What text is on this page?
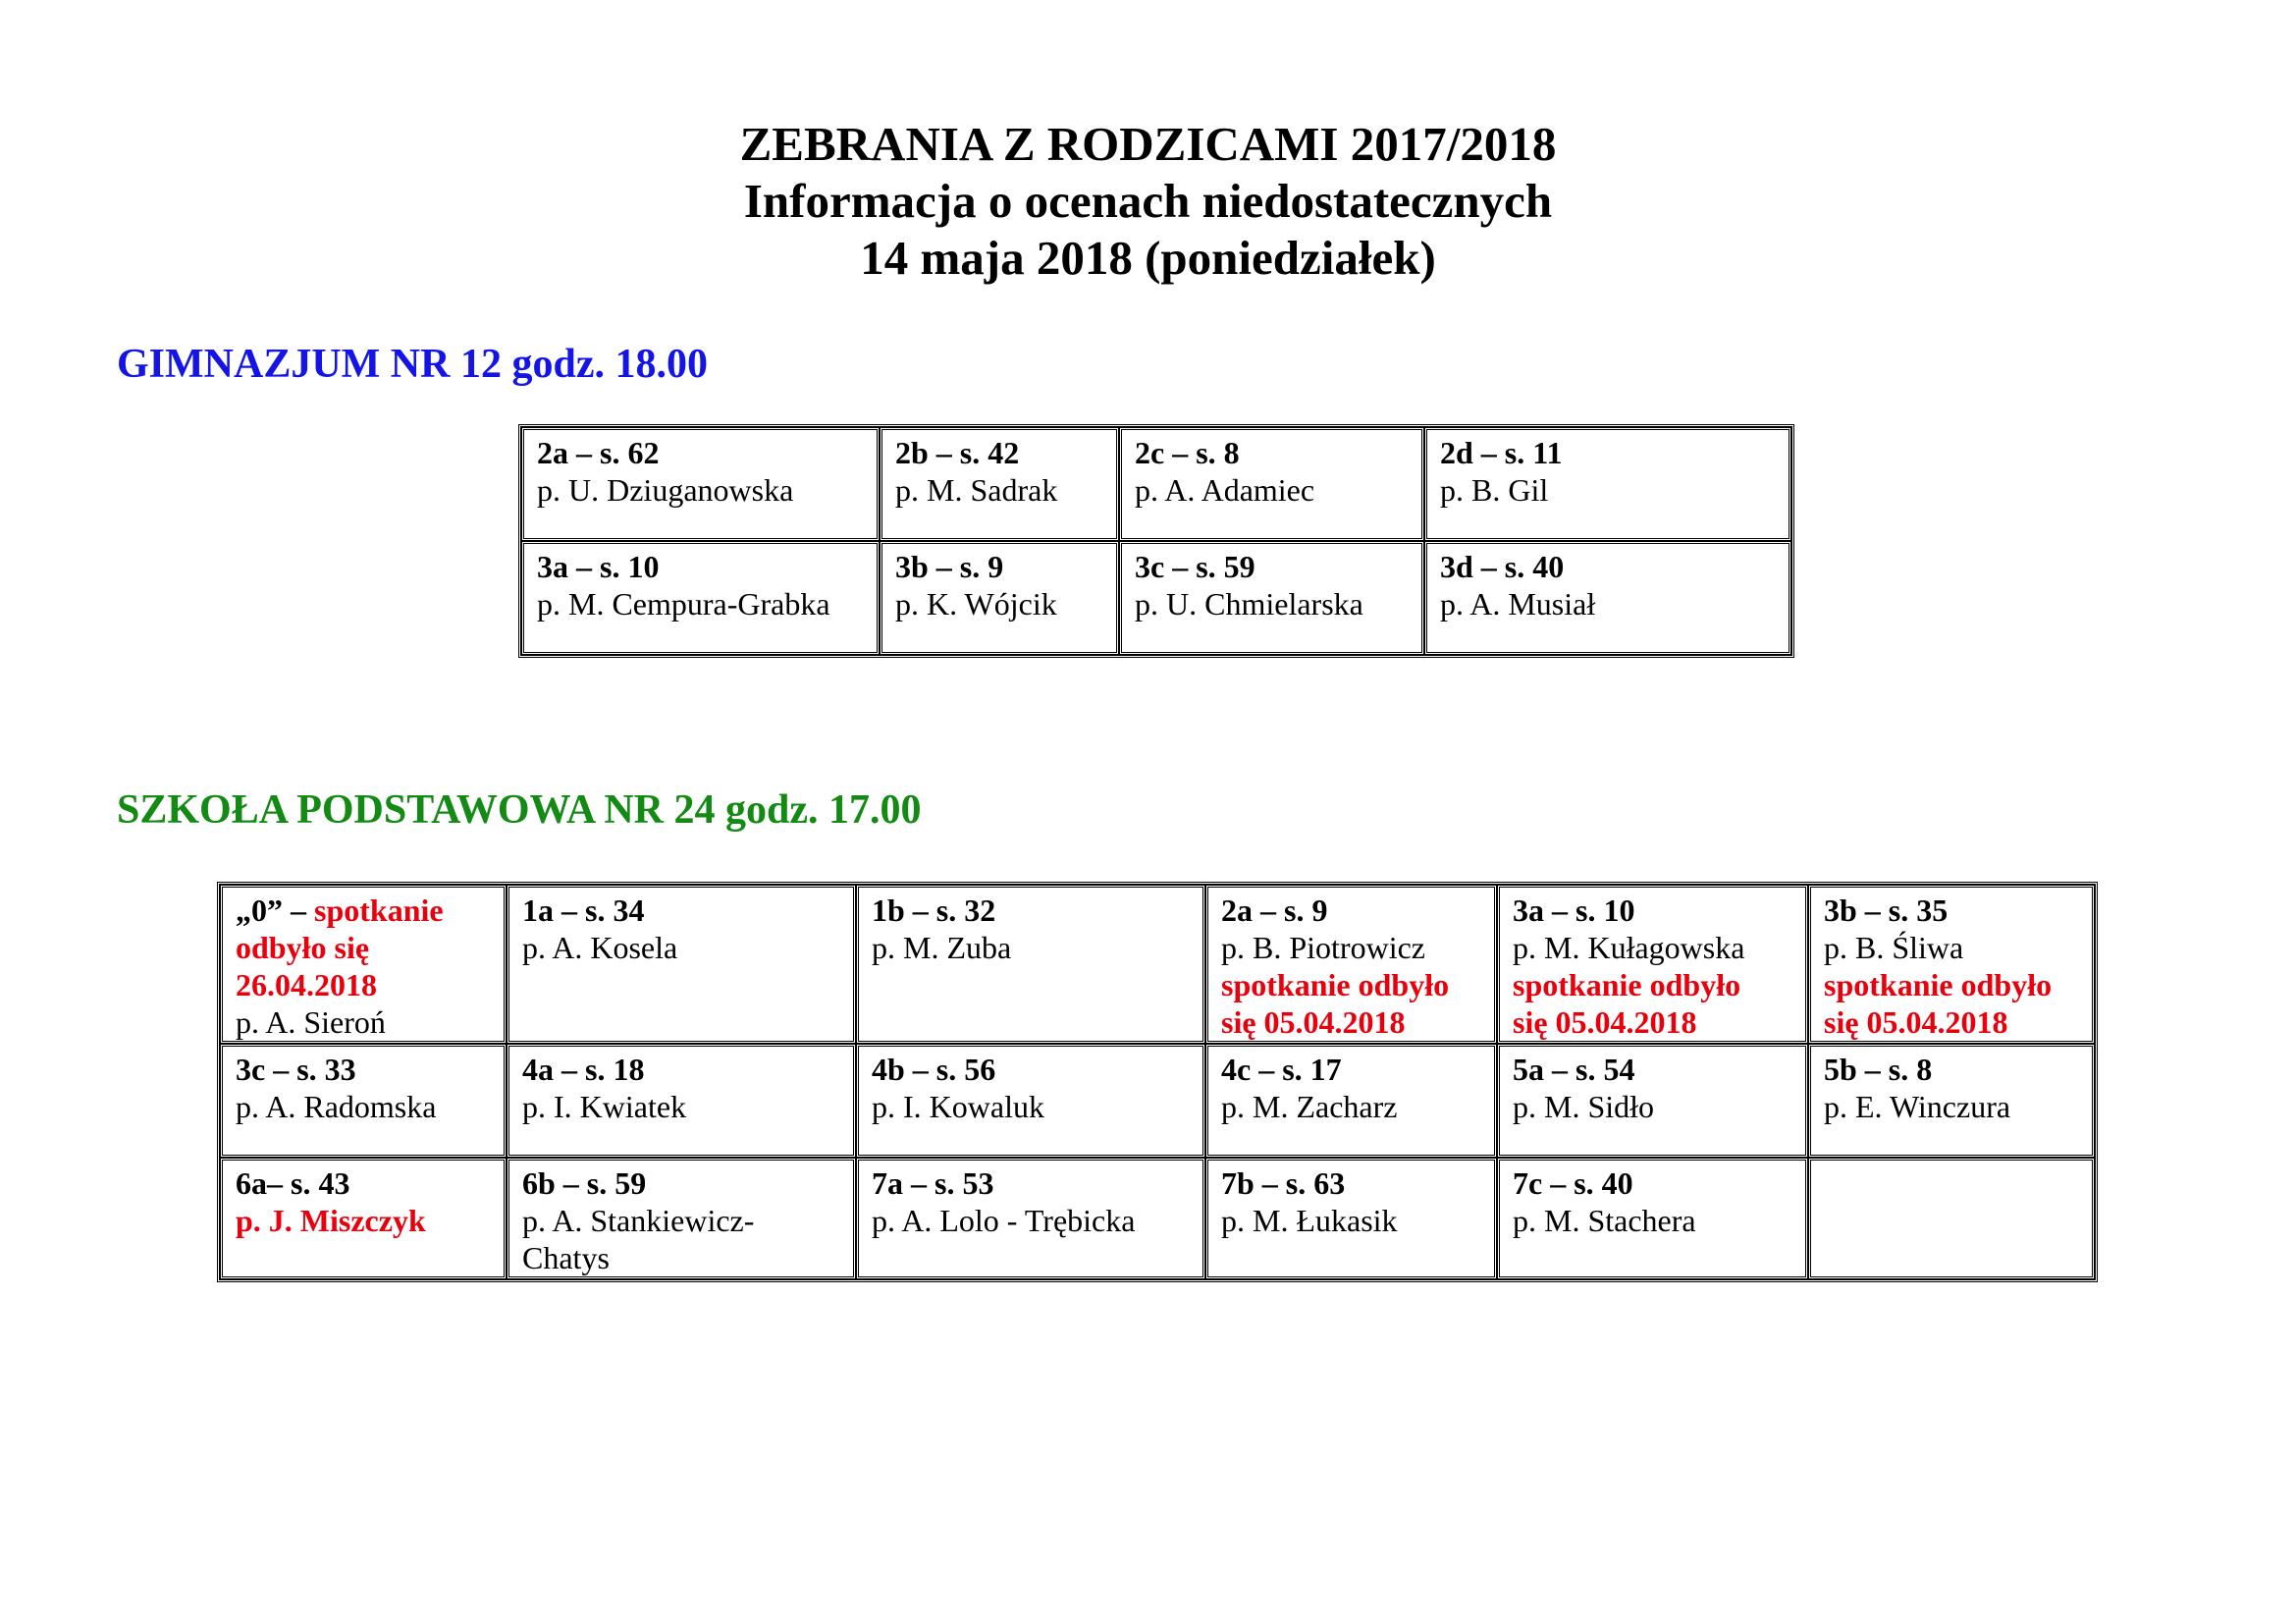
ZEBRANIA Z RODZICAMI 2017/2018
Informacja o ocenach niedostatecznych
14 maja 2018 (poniedziałek)
GIMNAZJUM NR 12 godz. 18.00
2a – s. 62
p. U. Dziuganowska	2b – s. 42
p. M. Sadrak	2c – s. 8
p. A. Adamiec	2d – s. 11
p. B. Gil

3a – s. 10
p. M. Cempura-Grabka	3b – s. 9
p. K. Wójcik	3c – s. 59
p. U. Chmielarska	3d – s. 40
p. A. Musiał
SZKOŁA PODSTAWOWA NR 24 godz. 17.00
„0” – spotkanie
odbyło się
26.04.2018
p. A. Sieroń	1a – s. 34
p. A. Kosela	1b – s. 32
p. M. Zuba	2a – s. 9
p. B. Piotrowicz
spotkanie odbyło
się 05.04.2018	3a – s. 10
p. M. Kułagowska
spotkanie odbyło
się 05.04.2018	3b – s. 35
p. B. Śliwa
spotkanie odbyło
się 05.04.2018

3c – s. 33
p. A. Radomska	4a – s. 18
p. I. Kwiatek	4b – s. 56
p. I. Kowaluk	4c – s. 17
p. M. Zacharz	5a – s. 54
p. M. Sidło	5b – s. 8
p. E. Winczura

6a– s. 43
p. J. Miszczyk	6b – s. 59
p. A. Stankiewicz-
Chatys	7a – s. 53
p. A. Lolo - Trębicka	7b – s. 63
p. M. Łukasik	7c – s. 40
p. M. Stachera	
